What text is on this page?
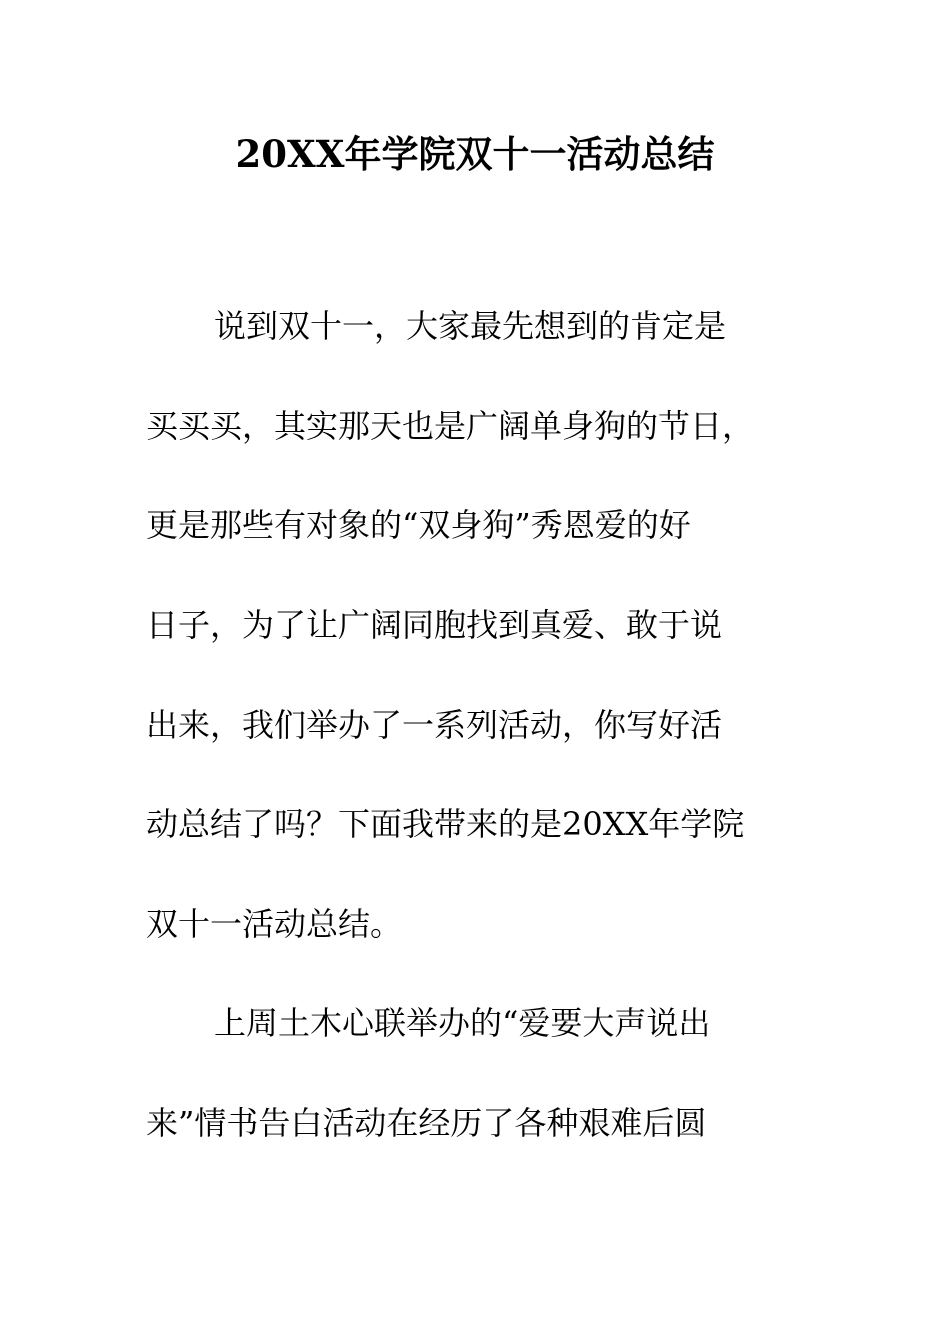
20XX年学院双十一活动总结
说到双十一，大家最先想到的肯定是
买买买，其实那天也是广阔单身狗的节日，
更是那些有对象的“双身狗”秀恩爱的好
日子，为了让广阔同胞找到真爱、敢于说
出来，我们举办了一系列活动，你写好活
动总结了吗？下面我带来的是20XX年学院
双十一活动总结。
上周土木心联举办的“爱要大声说出
来”情书告白活动在经历了各种艰难后圆
